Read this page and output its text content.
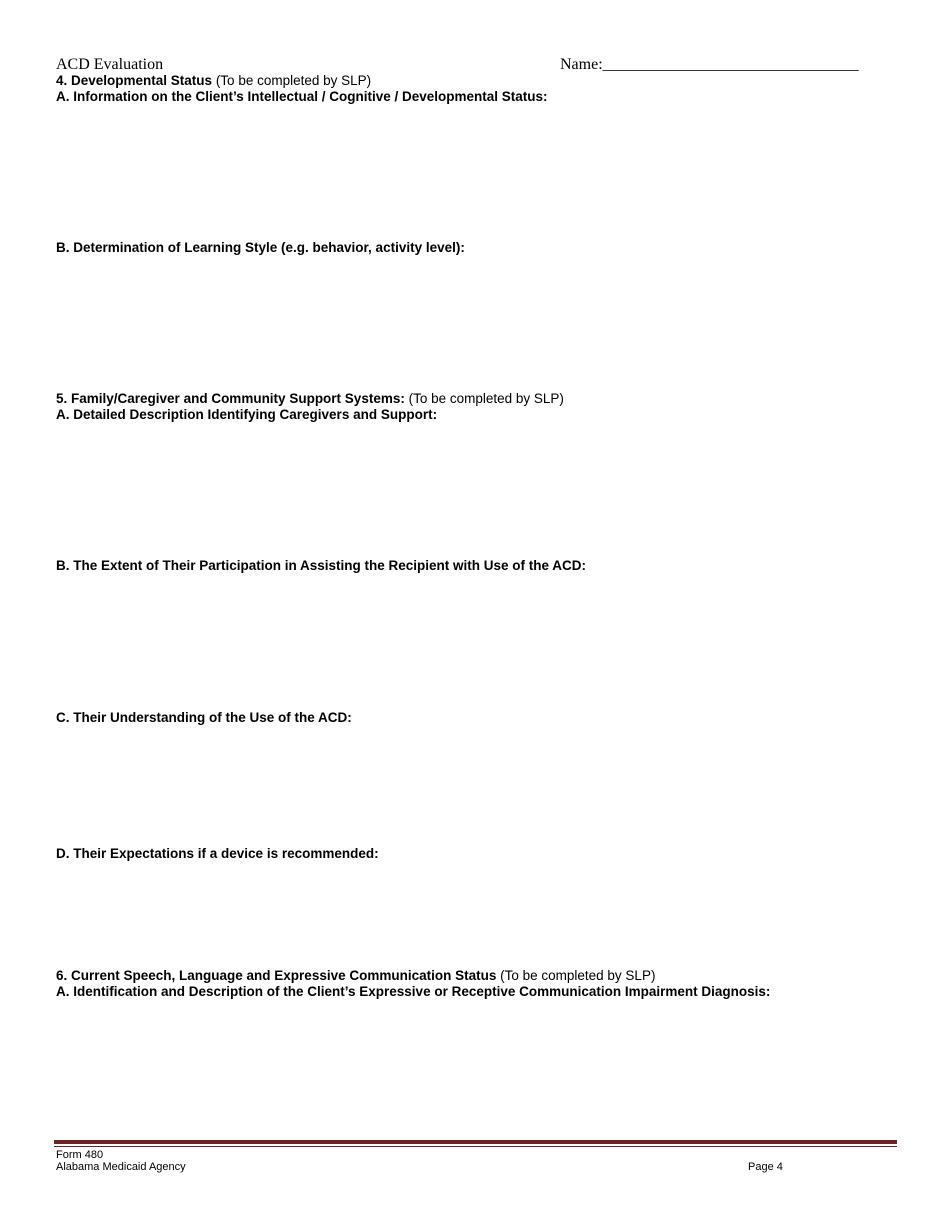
ACD Evaluation	Name:________________________________
4. Developmental Status (To be completed by SLP)
A. Information on the Client’s Intellectual / Cognitive / Developmental Status:
B. Determination of Learning Style (e.g. behavior, activity level):
5. Family/Caregiver and Community Support Systems: (To be completed by SLP)
A. Detailed Description Identifying Caregivers and Support:
B. The Extent of Their Participation in Assisting the Recipient with Use of the ACD:
C. Their Understanding of the Use of the ACD:
D. Their Expectations if a device is recommended:
6. Current Speech, Language and Expressive Communication Status (To be completed by SLP)
A. Identification and Description of the Client’s Expressive or Receptive Communication Impairment Diagnosis:
Form 480
Alabama Medicaid Agency	Page 4
